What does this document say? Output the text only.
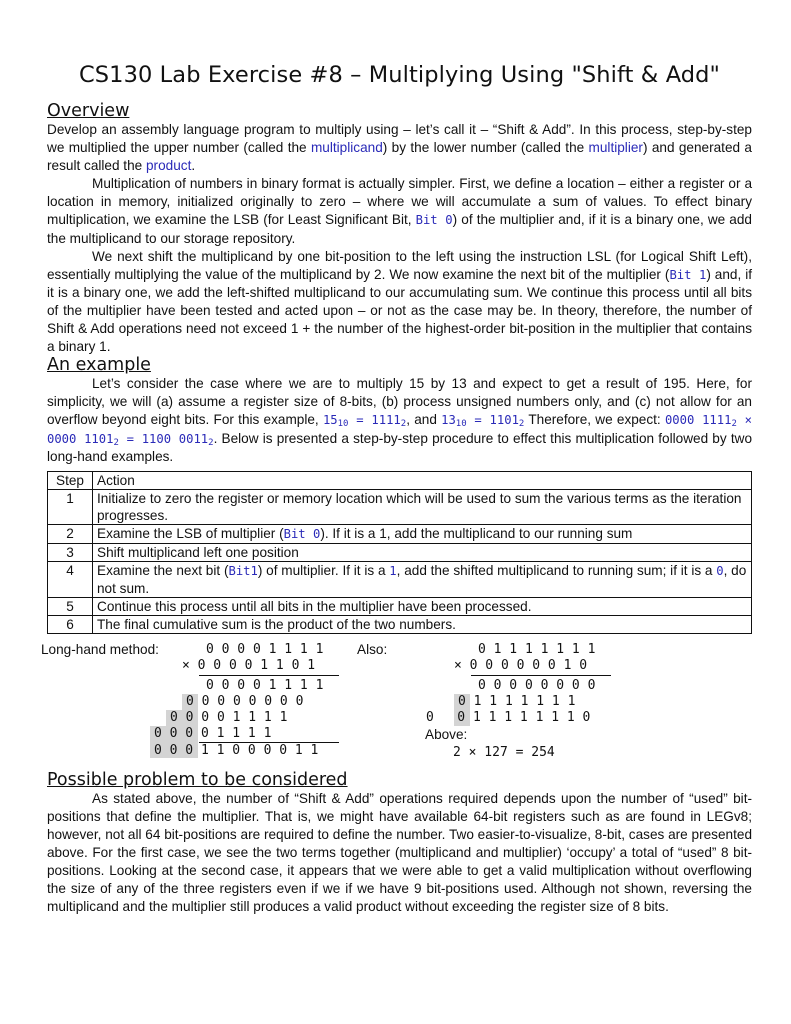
CS130 Lab Exercise #8 – Multiplying Using "Shift & Add"
Overview

Develop an assembly language program to multiply using – let’s call it – “Shift & Add”. In this process, step-by-step we multiplied the upper number (called the multiplicand) by the lower number (called the multiplier) and generated a result called the product.

Multiplication of numbers in binary format is actually simpler. First, we define a location – either a register or a location in memory, initialized originally to zero – where we will accumulate a sum of values. To effect binary multiplication, we examine the LSB (for Least Significant Bit, Bit 0) of the multiplier and, if it is a binary one, we add the multiplicand to our storage repository.

We next shift the multiplicand by one bit-position to the left using the instruction LSL (for Logical Shift Left), essentially multiplying the value of the multiplicand by 2. We now examine the next bit of the multiplier (Bit 1) and, if it is a binary one, we add the left-shifted multiplicand to our accumulating sum. We continue this process until all bits of the multiplier have been tested and acted upon – or not as the case may be. In theory, therefore, the number of Shift & Add operations need not exceed 1 + the number of the highest-order bit-position in the multiplier that contains a binary 1.

An example

Let’s consider the case where we are to multiply 15 by 13 and expect to get a result of 195. Here, for simplicity, we will (a) assume a register size of 8-bits, (b) process unsigned numbers only, and (c) not allow for an overflow beyond eight bits. For this example, $15_{10} = 1111_2$, and $13_{10} = 1101_2$ Therefore, we expect: 0000 $1111_2 \times 0000$ $1101_2 = 1100$ $0011_2$. Below is presented a step-by-step procedure to effect this multiplication followed by two long-hand examples.

Step	Action
1	Initialize to zero the register or memory location which will be used to sum the various terms as the iteration progresses.
2	Examine the LSB of multiplier (Bit 0). If it is a 1, add the multiplicand to our running sum
3	Shift multiplicand left one position
4	Examine the next bit (Bit1) of multiplier. If it is a 1, add the shifted multiplicand to running sum; if it is a 0, do not sum.
5	Continue this process until all bits in the multiplier have been processed.
6	The final cumulative sum is the product of the two numbers.
Long-hand method:	Also:
0 0 0 0 1 1 1 1
× 0 0 0 0 1 1 0 1
0 0 0 0 1 1 1 1
0 0 0 0 0 0 0 0
0 0 0 0 1 1 1 1
0 0 0 0 1 1 1 1
0 0 0 1 1 0 0 0 0 1 1
0 1 1 1 1 1 1 1
× 0 0 0 0 0 0 1 0
0 0 0 0 0 0 0 0
0 1 1 1 1 1 1 1
0   0 1 1 1 1 1 1 1 0
Above:
2 × 127 = 254
Possible problem to be considered

As stated above, the number of “Shift & Add” operations required depends upon the number of “used” bit-positions that define the multiplier. That is, we might have available 64-bit registers such as are found in LEGv8; however, not all 64 bit-positions are required to define the number. Two easier-to-visualize, 8-bit, cases are presented above. For the first case, we see the two terms together (multiplicand and multiplier) ‘occupy’ a total of “used” 8 bit-positions. Looking at the second case, it appears that we were able to get a valid multiplication without overflowing the size of any of the three registers even if we if we have 9 bit-positions used. Although not shown, reversing the multiplicand and the multiplier still produces a valid product without exceeding the register size of 8 bits.
